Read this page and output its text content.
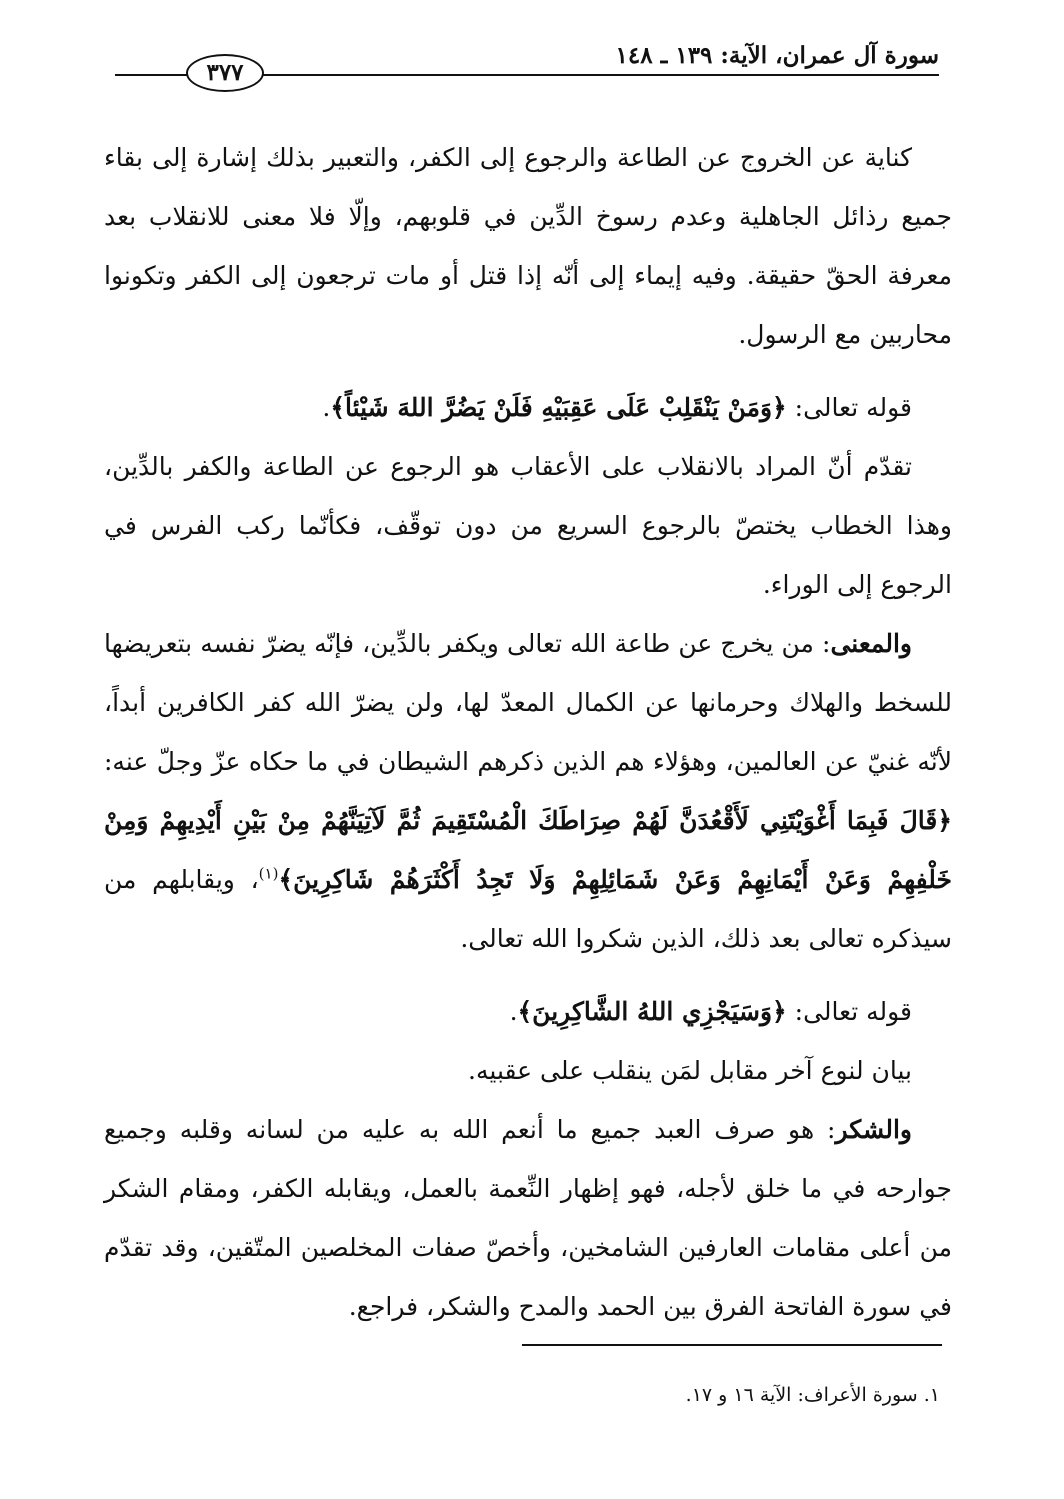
سورة آل عمران، الآية: ١٣٩ ـ ١٤٨
٣٧٧

كناية عن الخروج عن الطاعة والرجوع إلى الكفر، والتعبير بذلك إشارة إلى بقاء جميع رذائل الجاهلية وعدم رسوخ الدِّين في قلوبهم، وإلّا فلا معنى للانقلاب بعد معرفة الحقّ حقيقة. وفيه إيماء إلى أنّه إذا قتل أو مات ترجعون إلى الكفر وتكونوا محاربين مع الرسول.

قوله تعالى: ﴿وَمَنْ يَنْقَلِبْ عَلَى عَقِبَيْهِ فَلَنْ يَضُرَّ اللهَ شَيْئاً﴾.

تقدّم أنّ المراد بالانقلاب على الأعقاب هو الرجوع عن الطاعة والكفر بالدِّين، وهذا الخطاب يختصّ بالرجوع السريع من دون توقّف، فكأنّما ركب الفرس في الرجوع إلى الوراء.

والمعنى: من يخرج عن طاعة الله تعالى ويكفر بالدِّين، فإنّه يضرّ نفسه بتعريضها للسخط والهلاك وحرمانها عن الكمال المعدّ لها، ولن يضرّ الله كفر الكافرين أبداً، لأنّه غنيّ عن العالمين، وهؤلاء هم الذين ذكرهم الشيطان في ما حكاه عزّ وجلّ عنه: ﴿قَالَ فَبِمَا أَغْوَيْتَنِي لَأَقْعُدَنَّ لَهُمْ صِرَاطَكَ الْمُسْتَقِيمَ ثُمَّ لَآتِيَنَّهُمْ مِنْ بَيْنِ أَيْدِيهِمْ وَمِنْ خَلْفِهِمْ وَعَنْ أَيْمَانِهِمْ وَعَنْ شَمَائِلِهِمْ وَلَا تَجِدُ أَكْثَرَهُمْ شَاكِرِينَ﴾$^{(١)}$، ويقابلهم من سيذكره تعالى بعد ذلك، الذين شكروا الله تعالى.

قوله تعالى: ﴿وَسَيَجْزِي اللهُ الشَّاكِرِينَ﴾.

بيان لنوع آخر مقابل لمَن ينقلب على عقبيه.

والشكر: هو صرف العبد جميع ما أنعم الله به عليه من لسانه وقلبه وجميع جوارحه في ما خلق لأجله، فهو إظهار النِّعمة بالعمل، ويقابله الكفر، ومقام الشكر من أعلى مقامات العارفين الشامخين، وأخصّ صفات المخلصين المتّقين، وقد تقدّم في سورة الفاتحة الفرق بين الحمد والمدح والشكر، فراجع.

١. سورة الأعراف: الآية ١٦ و ١٧.
